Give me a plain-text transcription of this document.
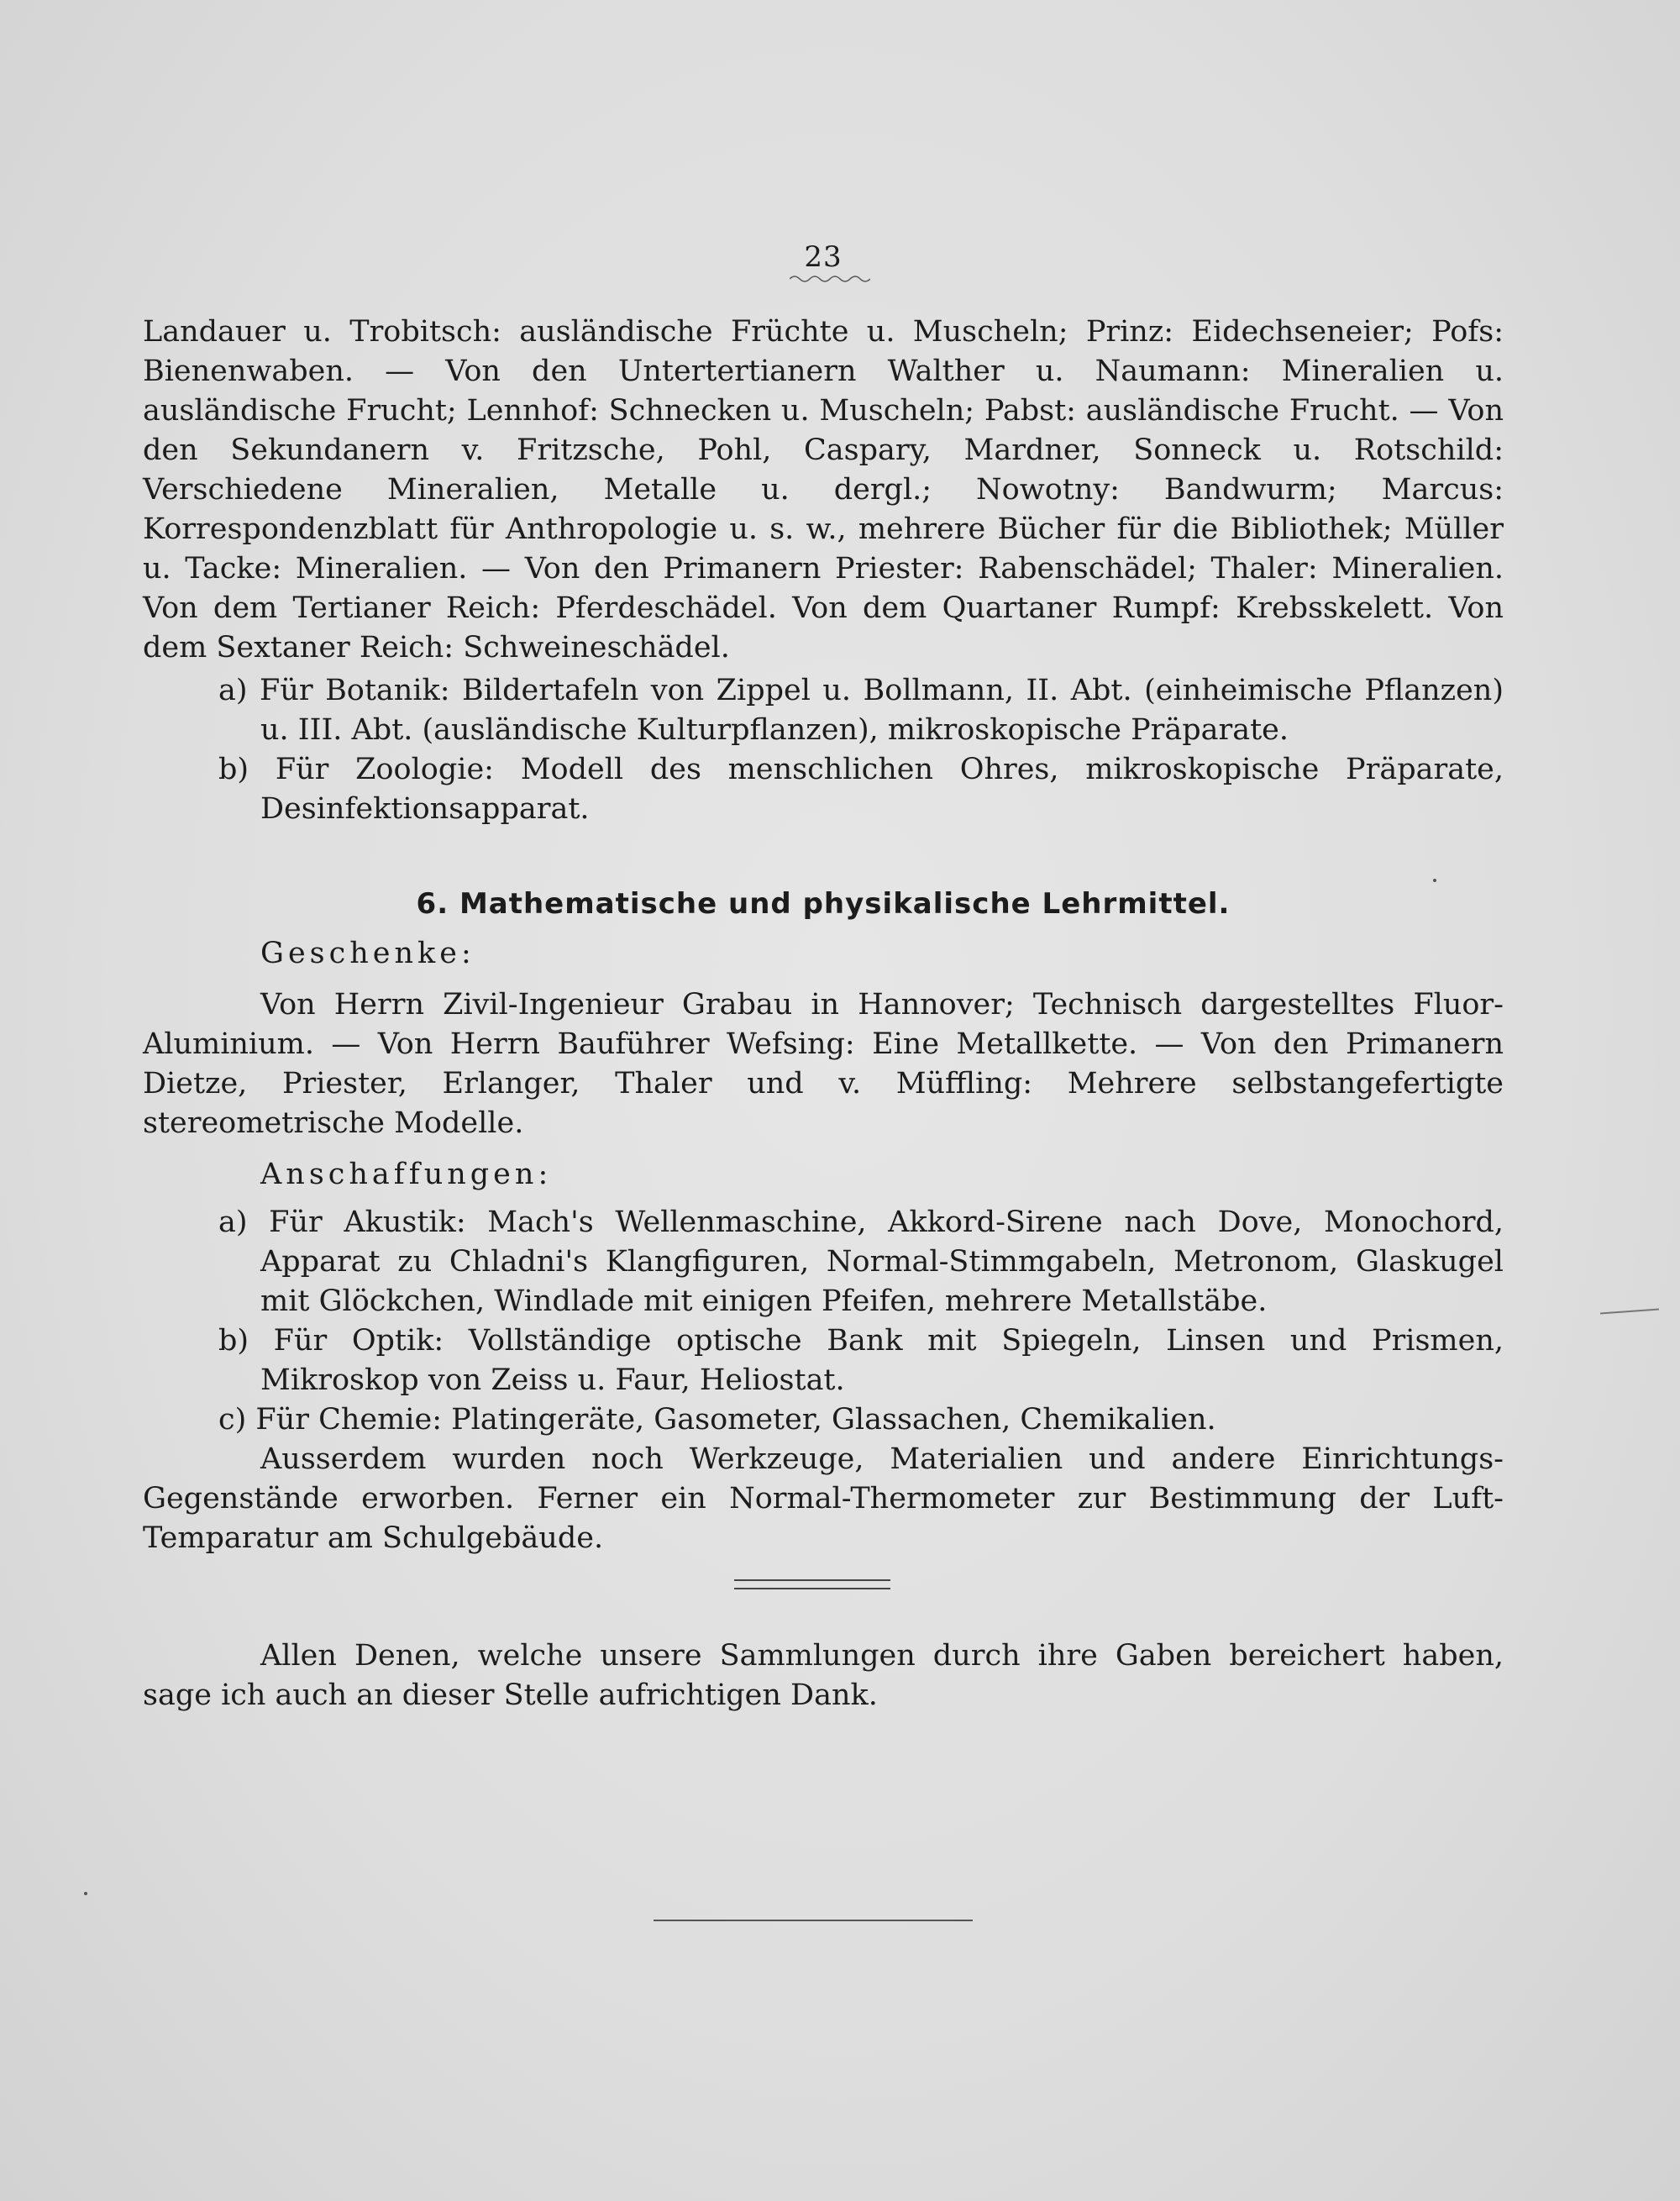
23

Landauer u. Trobitsch: ausländische Früchte u. Muscheln; Prinz: Eidechseneier; Pofs: Bienenwaben. — Von den Untertertianern Walther u. Naumann: Mineralien u. ausländische Frucht; Lennhof: Schnecken u. Muscheln; Pabst: ausländische Frucht. — Von den Sekundanern v. Fritzsche, Pohl, Caspary, Mardner, Sonneck u. Rotschild: Verschiedene Mineralien, Metalle u. dergl.; Nowotny: Bandwurm; Marcus: Korrespondenzblatt für Anthropologie u. s. w., mehrere Bücher für die Bibliothek; Müller u. Tacke: Mineralien. — Von den Primanern Priester: Rabenschädel; Thaler: Mineralien. Von dem Tertianer Reich: Pferdeschädel. Von dem Quartaner Rumpf: Krebsskelett. Von dem Sextaner Reich: Schweineschädel.

a) Für Botanik: Bildertafeln von Zippel u. Bollmann, II. Abt. (einheimische Pflanzen) u. III. Abt. (ausländische Kulturpflanzen), mikroskopische Präparate.

b) Für Zoologie: Modell des menschlichen Ohres, mikroskopische Präparate, Desinfektionsapparat.

6. Mathematische und physikalische Lehrmittel.

Geschenke:

Von Herrn Zivil-Ingenieur Grabau in Hannover; Technisch dargestelltes Fluor-Aluminium. — Von Herrn Bauführer Wefsing: Eine Metallkette. — Von den Primanern Dietze, Priester, Erlanger, Thaler und v. Müffling: Mehrere selbstangefertigte stereometrische Modelle.

Anschaffungen:

a) Für Akustik: Mach's Wellenmaschine, Akkord-Sirene nach Dove, Monochord, Apparat zu Chladni's Klangfiguren, Normal-Stimmgabeln, Metronom, Glaskugel mit Glöckchen, Windlade mit einigen Pfeifen, mehrere Metallstäbe.

b) Für Optik: Vollständige optische Bank mit Spiegeln, Linsen und Prismen, Mikroskop von Zeiss u. Faur, Heliostat.

c) Für Chemie: Platingeräte, Gasometer, Glassachen, Chemikalien.

Ausserdem wurden noch Werkzeuge, Materialien und andere Einrichtungs-Gegenstände erworben. Ferner ein Normal-Thermometer zur Bestimmung der Luft-Temparatur am Schulgebäude.

Allen Denen, welche unsere Sammlungen durch ihre Gaben bereichert haben, sage ich auch an dieser Stelle aufrichtigen Dank.
